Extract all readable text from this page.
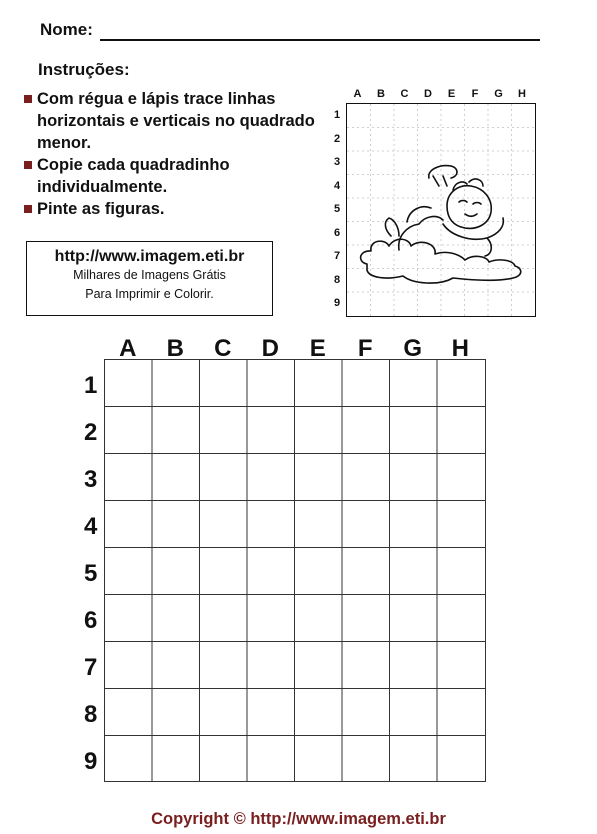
Nome:
Instruções:
Com régua e lápis trace linhas horizontais e verticais no quadrado menor.
Copie cada quadradinho individualmente.
Pinte as figuras.
http://www.imagem.eti.br
Milhares de Imagens Grátis
Para Imprimir e Colorir.
A	B	C	D	E	F	G	H
1
2
3
4
5
6
7
8
9
A	B	C	D	E	F	G	H
1
2
3
4
5
6
7
8
9
Copyright © http://www.imagem.eti.br
